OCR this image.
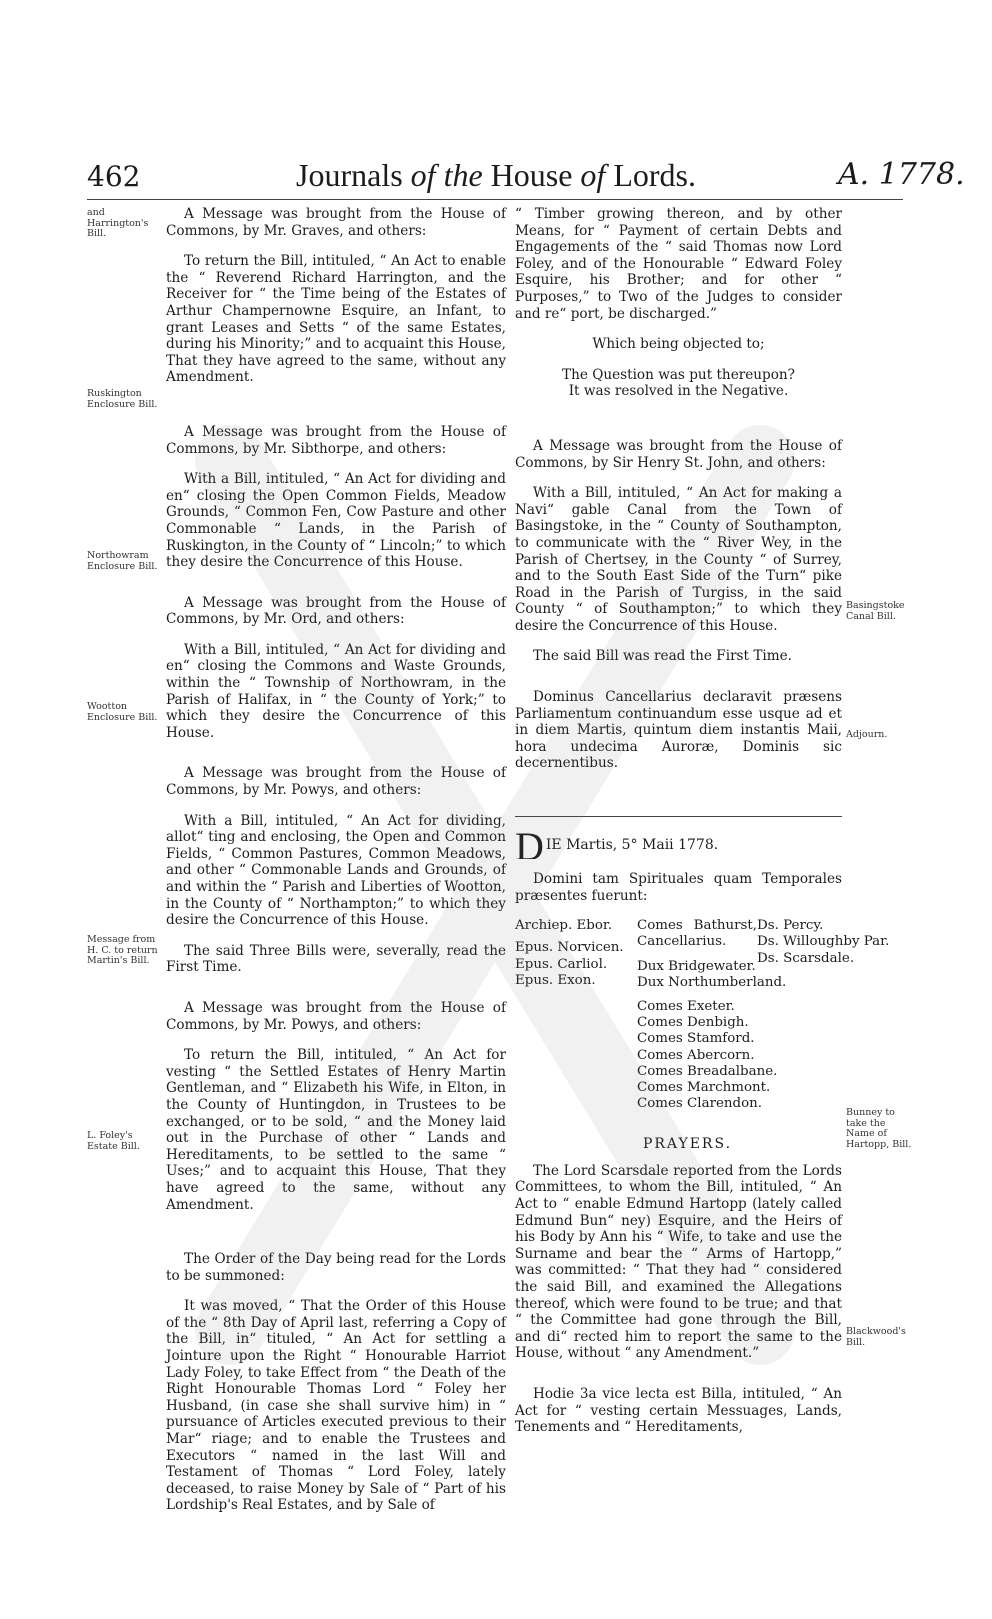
462	Journals of the House of Lords.	A. 1778.
and Harrington's Bill.
Ruskington Enclosure Bill.
Northowram Enclosure Bill.
Wootton Enclosure Bill.
Message from H. C. to return Martin's Bill.
L. Foley's Estate Bill.
Basingstoke Canal Bill.
Adjourn.
Bunney to take the Name of Hartopp, Bill.
Blackwood's Bill.

A Message was brought from the House of Commons, by Mr. Graves, and others:

To return the Bill, intituled, “ An Act to enable the “ Reverend Richard Harrington, and the Receiver for “ the Time being of the Estates of Arthur Champernowne Esquire, an Infant, to grant Leases and Setts “ of the same Estates, during his Minority;” and to acquaint this House, That they have agreed to the same, without any Amendment.

A Message was brought from the House of Commons, by Mr. Sibthorpe, and others:

With a Bill, intituled, “ An Act for dividing and en“ closing the Open Common Fields, Meadow Grounds, “ Common Fen, Cow Pasture and other Commonable “ Lands, in the Parish of Ruskington, in the County of “ Lincoln;” to which they desire the Concurrence of this House.

A Message was brought from the House of Commons, by Mr. Ord, and others:

With a Bill, intituled, “ An Act for dividing and en“ closing the Commons and Waste Grounds, within the “ Township of Northowram, in the Parish of Halifax, in “ the County of York;” to which they desire the Concurrence of this House.

A Message was brought from the House of Commons, by Mr. Powys, and others:

With a Bill, intituled, “ An Act for dividing, allot“ ting and enclosing, the Open and Common Fields, “ Common Pastures, Common Meadows, and other “ Commonable Lands and Grounds, of and within the “ Parish and Liberties of Wootton, in the County of “ Northampton;” to which they desire the Concurrence of this House.

The said Three Bills were, severally, read the First Time.

A Message was brought from the House of Commons, by Mr. Powys, and others:

To return the Bill, intituled, “ An Act for vesting “ the Settled Estates of Henry Martin Gentleman, and “ Elizabeth his Wife, in Elton, in the County of Huntingdon, in Trustees to be exchanged, or to be sold, “ and the Money laid out in the Purchase of other “ Lands and Hereditaments, to be settled to the same “ Uses;” and to acquaint this House, That they have agreed to the same, without any Amendment.

The Order of the Day being read for the Lords to be summoned:

It was moved, “ That the Order of this House of the “ 8th Day of April last, referring a Copy of the Bill, in“ tituled, “ An Act for settling a Jointure upon the Right “ Honourable Harriot Lady Foley, to take Effect from “ the Death of the Right Honourable Thomas Lord “ Foley her Husband, (in case she shall survive him) in “ pursuance of Articles executed previous to their Mar“ riage; and to enable the Trustees and Executors “ named in the last Will and Testament of Thomas “ Lord Foley, lately deceased, to raise Money by Sale of “ Part of his Lordship's Real Estates, and by Sale of

“ Timber growing thereon, and by other Means, for “ Payment of certain Debts and Engagements of the “ said Thomas now Lord Foley, and of the Honourable “ Edward Foley Esquire, his Brother; and for other “ Purposes,” to Two of the Judges to consider and re“ port, be discharged.”

Which being objected to;

The Question was put thereupon?

It was resolved in the Negative.

A Message was brought from the House of Commons, by Sir Henry St. John, and others:

With a Bill, intituled, “ An Act for making a Navi“ gable Canal from the Town of Basingstoke, in the “ County of Southampton, to communicate with the “ River Wey, in the Parish of Chertsey, in the County “ of Surrey, and to the South East Side of the Turn“ pike Road in the Parish of Turgiss, in the said County “ of Southampton;” to which they desire the Concurrence of this House.

The said Bill was read the First Time.

Dominus Cancellarius declaravit præsens Parliamentum continuandum esse usque ad et in diem Martis, quintum diem instantis Maii, hora undecima Auroræ, Dominis sic decernentibus.

D IE Martis, 5° Maii 1778.

Domini tam Spirituales quam Temporales præsentes fuerunt:

Archiep. Ebor.
Epus. Norvicen.
Epus. Carliol.
Epus. Exon.
Comes Bathurst, Cancellarius.
Dux Bridgewater.
Dux Northumberland.
Comes Exeter.
Comes Denbigh.
Comes Stamford.
Comes Abercorn.
Comes Breadalbane.
Comes Marchmont.
Comes Clarendon.
Ds. Percy.
Ds. Willoughby Par.
Ds. Scarsdale.

PRAYERS.

The Lord Scarsdale reported from the Lords Committees, to whom the Bill, intituled, “ An Act to “ enable Edmund Hartopp (lately called Edmund Bun“ ney) Esquire, and the Heirs of his Body by Ann his “ Wife, to take and use the Surname and bear the “ Arms of Hartopp,” was committed: “ That they had “ considered the said Bill, and examined the Allegations thereof, which were found to be true; and that “ the Committee had gone through the Bill, and di“ rected him to report the same to the House, without “ any Amendment.”

Hodie 3a vice lecta est Billa, intituled, “ An Act for “ vesting certain Messuages, Lands, Tenements and “ Hereditaments,
